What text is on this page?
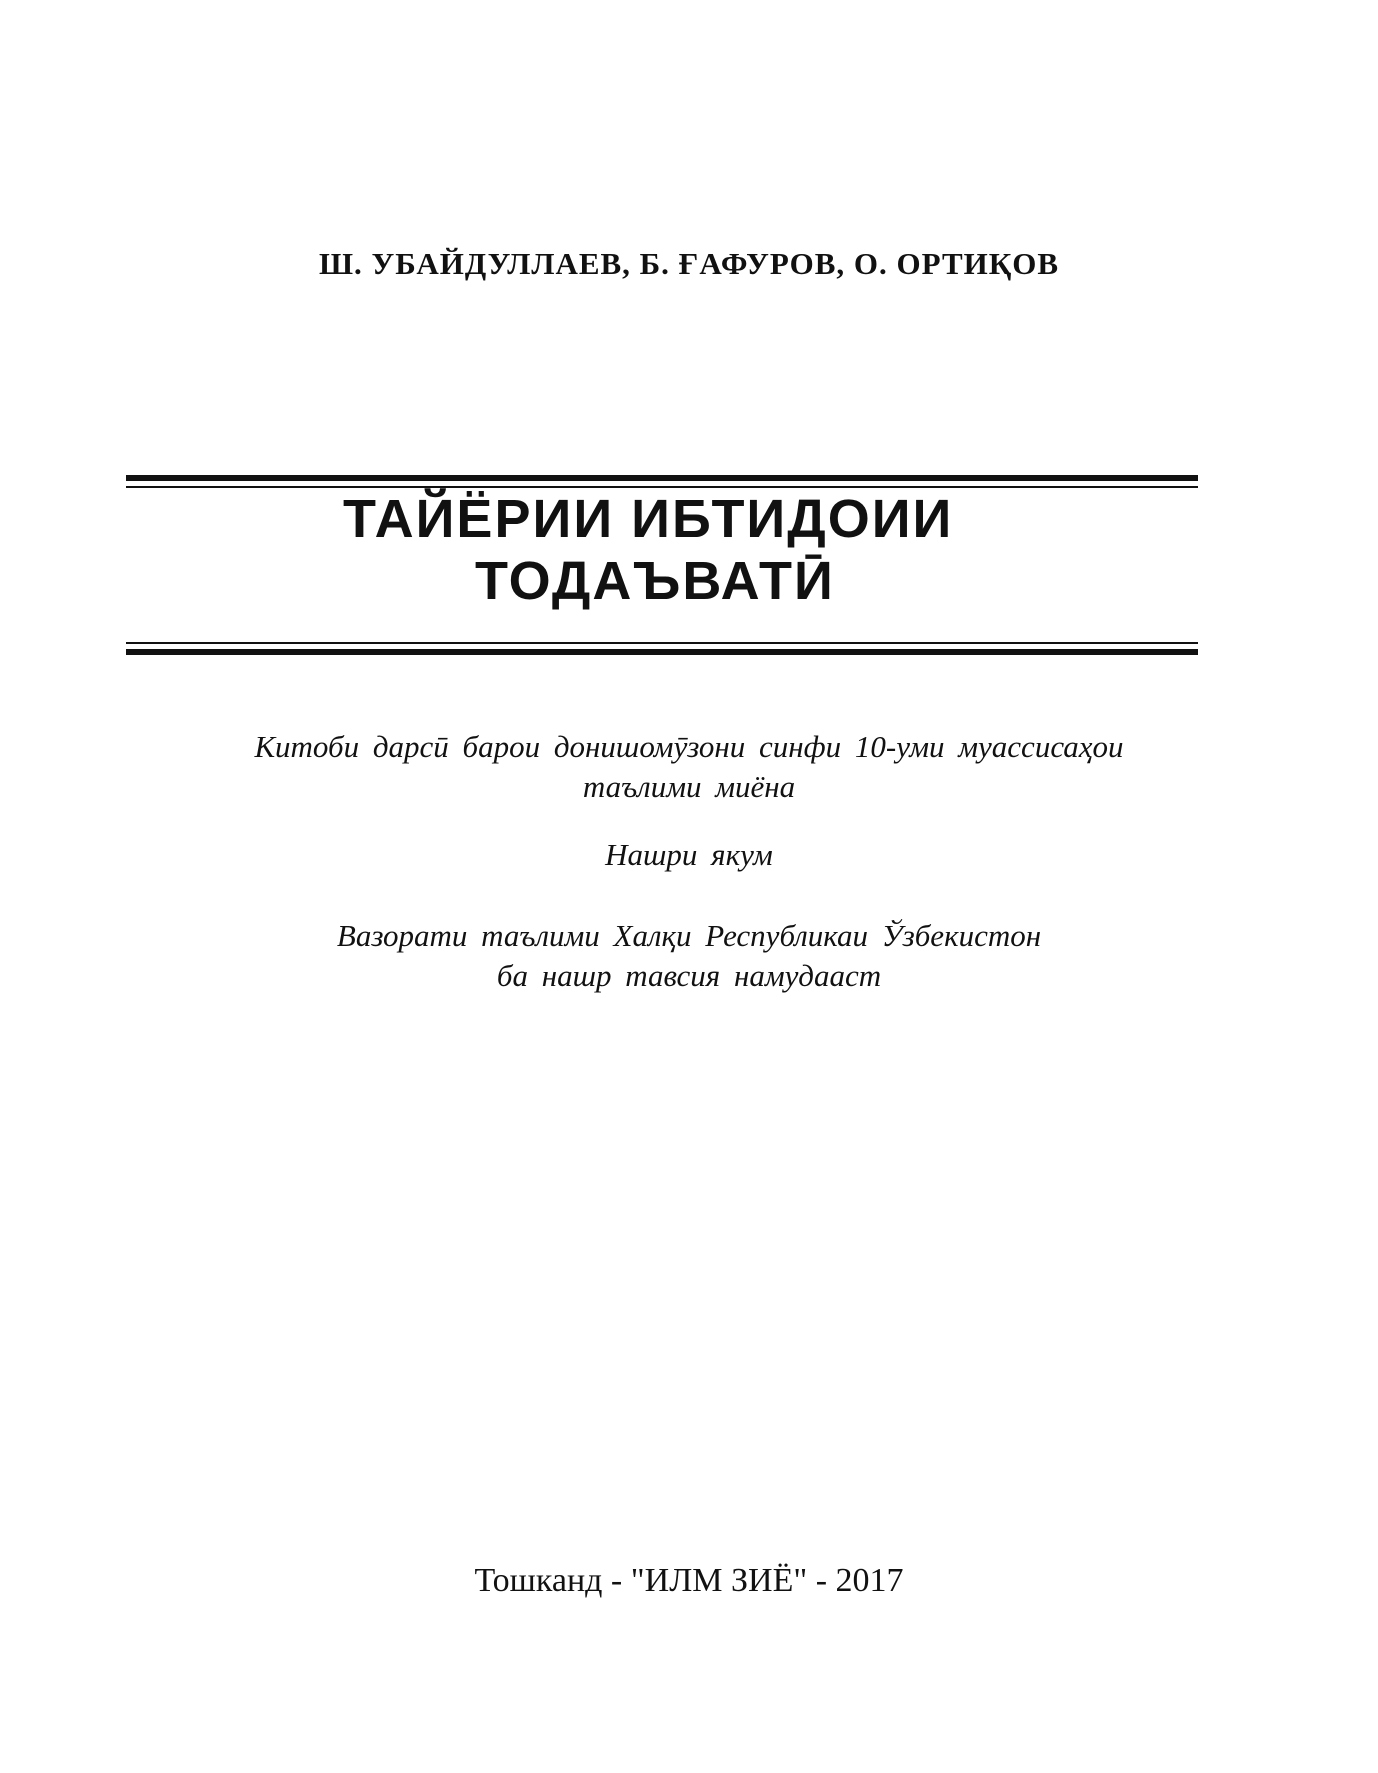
Ш. УБАЙДУЛЛАЕВ, Б. ҒАФУРОВ, О. ОРТИҚОВ
ТАЙЁРИИ ИБТИДОИИ
ТОДАЪВАТӢ
Китоби дарсӣ барои донишомӯзони синфи 10-уми муассисаҳои
таълими миёна
Нашри якум
Вазорати таълими Халқи Республикаи Ўзбекистон
ба нашр тавсия намудааст
Тошканд - "ИЛМ ЗИЁ" - 2017
